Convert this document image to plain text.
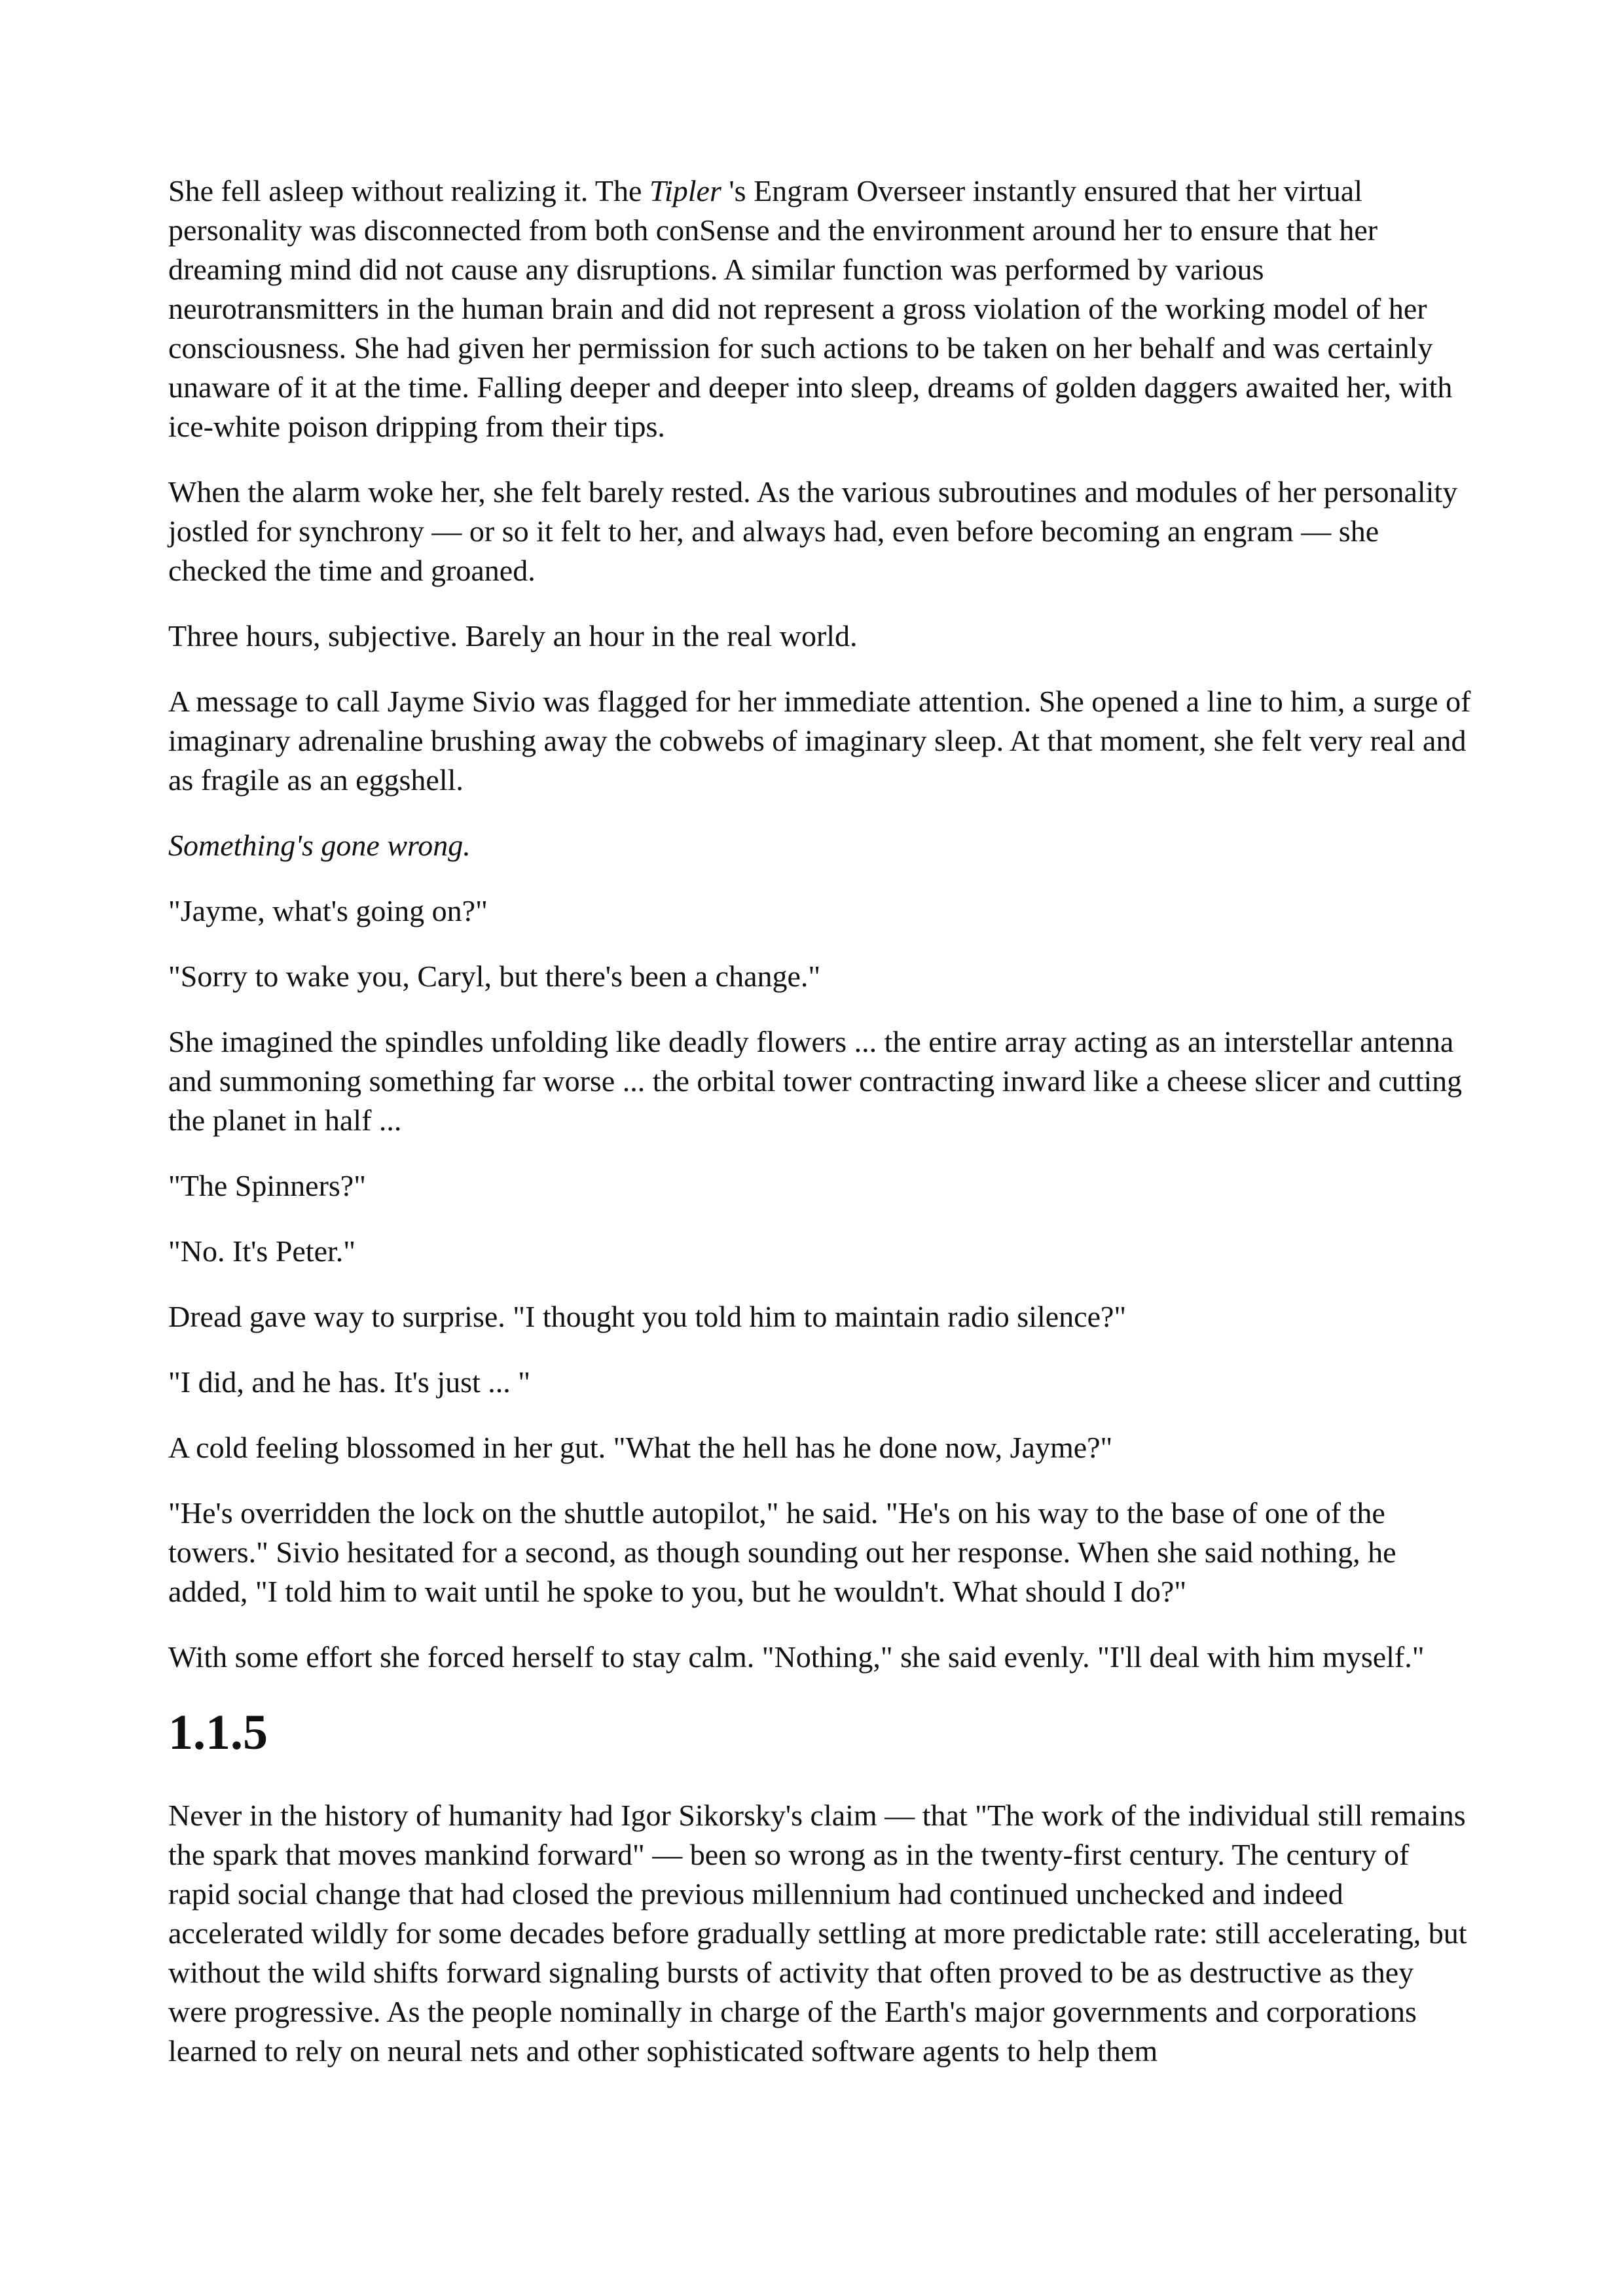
She fell asleep without realizing it. The Tipler 's Engram Overseer instantly ensured that her virtual personality was disconnected from both conSense and the environment around her to ensure that her dreaming mind did not cause any disruptions. A similar function was performed by various neurotransmitters in the human brain and did not represent a gross violation of the working model of her consciousness. She had given her permission for such actions to be taken on her behalf and was certainly unaware of it at the time. Falling deeper and deeper into sleep, dreams of golden daggers awaited her, with ice-white poison dripping from their tips.

When the alarm woke her, she felt barely rested. As the various subroutines and modules of her personality jostled for synchrony — or so it felt to her, and always had, even before becoming an engram — she checked the time and groaned.

Three hours, subjective. Barely an hour in the real world.

A message to call Jayme Sivio was flagged for her immediate attention. She opened a line to him, a surge of imaginary adrenaline brushing away the cobwebs of imaginary sleep. At that moment, she felt very real and as fragile as an eggshell.

Something's gone wrong.

"Jayme, what's going on?"

"Sorry to wake you, Caryl, but there's been a change."

She imagined the spindles unfolding like deadly flowers ... the entire array acting as an interstellar antenna and summoning something far worse ... the orbital tower contracting inward like a cheese slicer and cutting the planet in half ...

"The Spinners?"

"No. It's Peter."

Dread gave way to surprise. "I thought you told him to maintain radio silence?"

"I did, and he has. It's just ... "

A cold feeling blossomed in her gut. "What the hell has he done now, Jayme?"

"He's overridden the lock on the shuttle autopilot," he said. "He's on his way to the base of one of the towers." Sivio hesitated for a second, as though sounding out her response. When she said nothing, he added, "I told him to wait until he spoke to you, but he wouldn't. What should I do?"

With some effort she forced herself to stay calm. "Nothing," she said evenly. "I'll deal with him myself."

1.1.5

Never in the history of humanity had Igor Sikorsky's claim — that "The work of the individual still remains the spark that moves mankind forward" — been so wrong as in the twenty-first century. The century of rapid social change that had closed the previous millennium had continued unchecked and indeed accelerated wildly for some decades before gradually settling at more predictable rate: still accelerating, but without the wild shifts forward signaling bursts of activity that often proved to be as destructive as they were progressive. As the people nominally in charge of the Earth's major governments and corporations learned to rely on neural nets and other sophisticated software agents to help them
